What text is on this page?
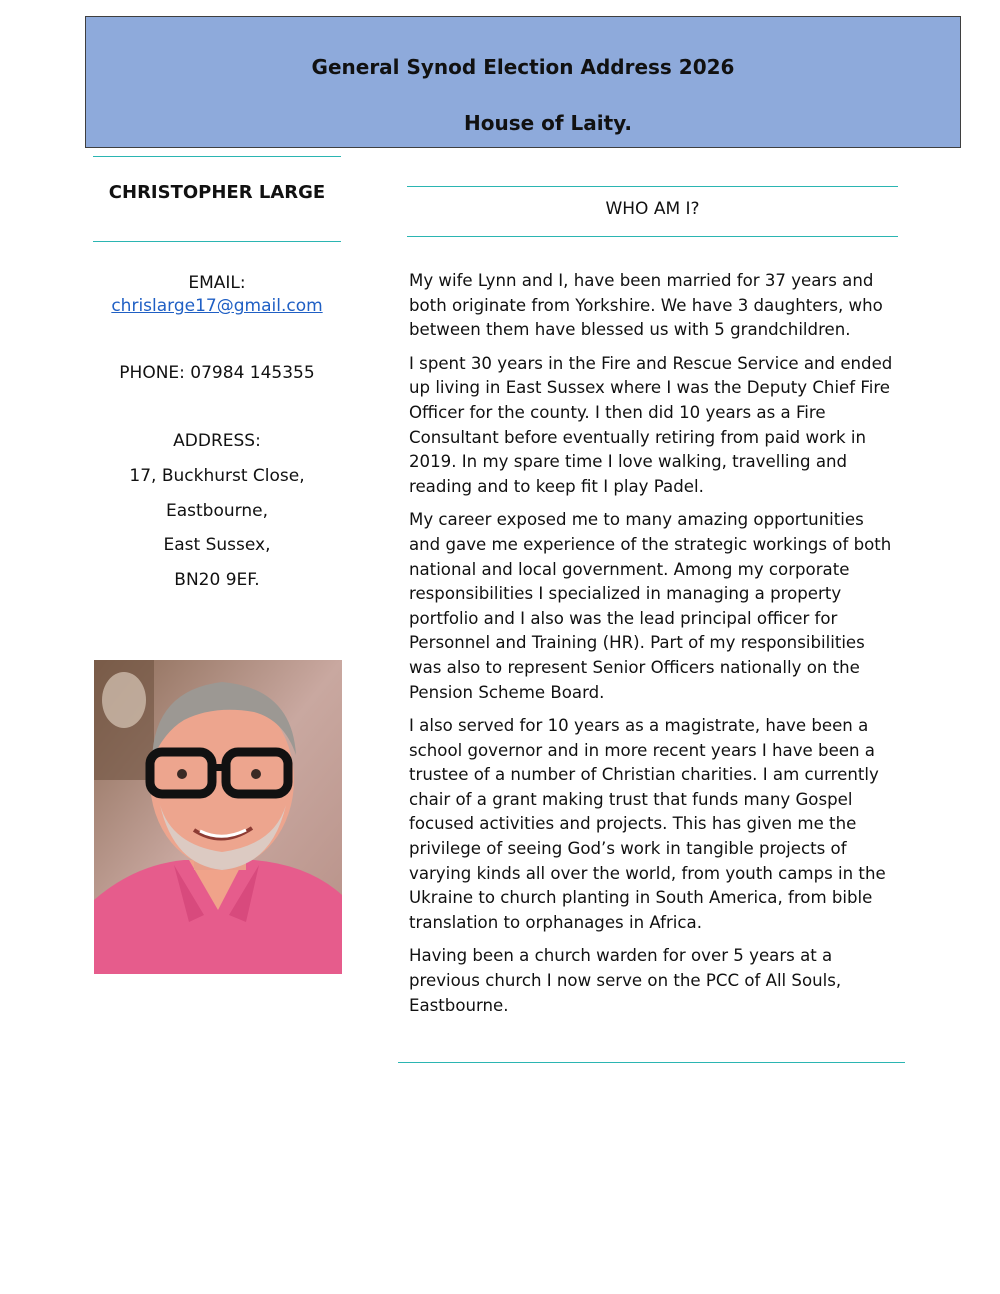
General Synod Election Address 2026
House of Laity.
CHRISTOPHER LARGE
EMAIL:
chrislarge17@gmail.com
PHONE: 07984 145355
ADDRESS:
17, Buckhurst Close,
Eastbourne,
East Sussex,
BN20 9EF.
WHO AM I?

My wife Lynn and I, have been married for 37 years and both originate from Yorkshire. We have 3 daughters, who between them have blessed us with 5 grandchildren.

I spent 30 years in the Fire and Rescue Service and ended up living in East Sussex where I was the Deputy Chief Fire Officer for the county. I then did 10 years as a Fire Consultant before eventually retiring from paid work in 2019. In my spare time I love walking, travelling and reading and to keep fit I play Padel.

My career exposed me to many amazing opportunities and gave me experience of the strategic workings of both national and local government. Among my corporate responsibilities I specialized in managing a property portfolio and I also was the lead principal officer for Personnel and Training (HR). Part of my responsibilities was also to represent Senior Officers nationally on the Pension Scheme Board.

I also served for 10 years as a magistrate, have been a school governor and in more recent years I have been a trustee of a number of Christian charities. I am currently chair of a grant making trust that funds many Gospel focused activities and projects. This has given me the privilege of seeing God’s work in tangible projects of varying kinds all over the world, from youth camps in the Ukraine to church planting in South America, from bible translation to orphanages in Africa.

Having been a church warden for over 5 years at a previous church I now serve on the PCC of All Souls, Eastbourne.
